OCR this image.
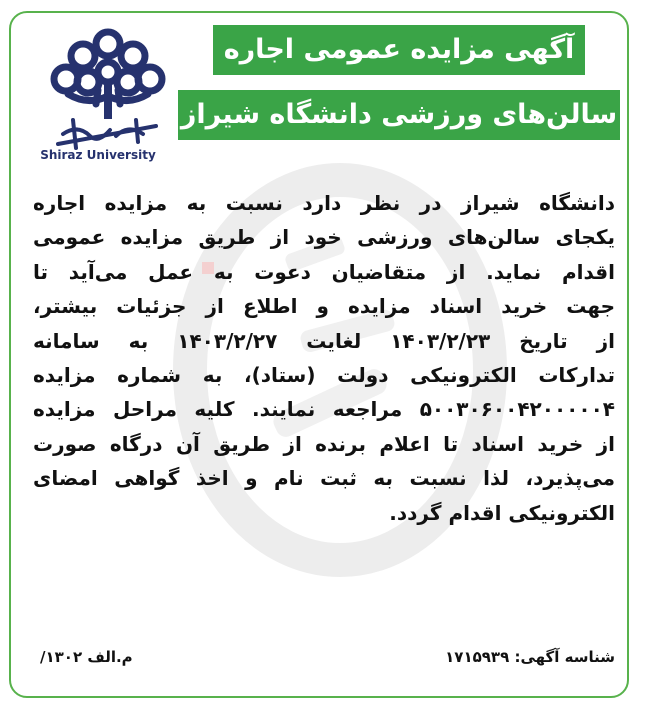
آگهی مزایده عمومی اجاره
سالن‌های ورزشی دانشگاه شیراز
Shiraz University
دانشگاه شیراز در نظر دارد نسبت به مزایده اجاره
یکجای سالن‌های ورزشی خود از طریق مزایده عمومی
اقدام نماید. از متقاضیان دعوت به عمل می‌آید تا
جهت خرید اسناد مزایده و اطلاع از جزئیات بیشتر،
از تاریخ ۱۴۰۳/۲/۲۳ لغایت ۱۴۰۳/۲/۲۷ به سامانه
تدارکات الکترونیکی دولت (ستاد)، به شماره مزایده
۵۰۰۳۰۶۰۰۴۲۰۰۰۰۰۴ مراجعه نمایند. کلیه مراحل مزایده
از خرید اسناد تا اعلام برنده از طریق آن درگاه صورت
می‌پذیرد، لذا نسبت به ثبت نام و اخذ گواهی امضای
الکترونیکی اقدام گردد.
شناسه آگهی: ۱۷۱۵۹۳۹
م.الف ۱۳۰۲/
